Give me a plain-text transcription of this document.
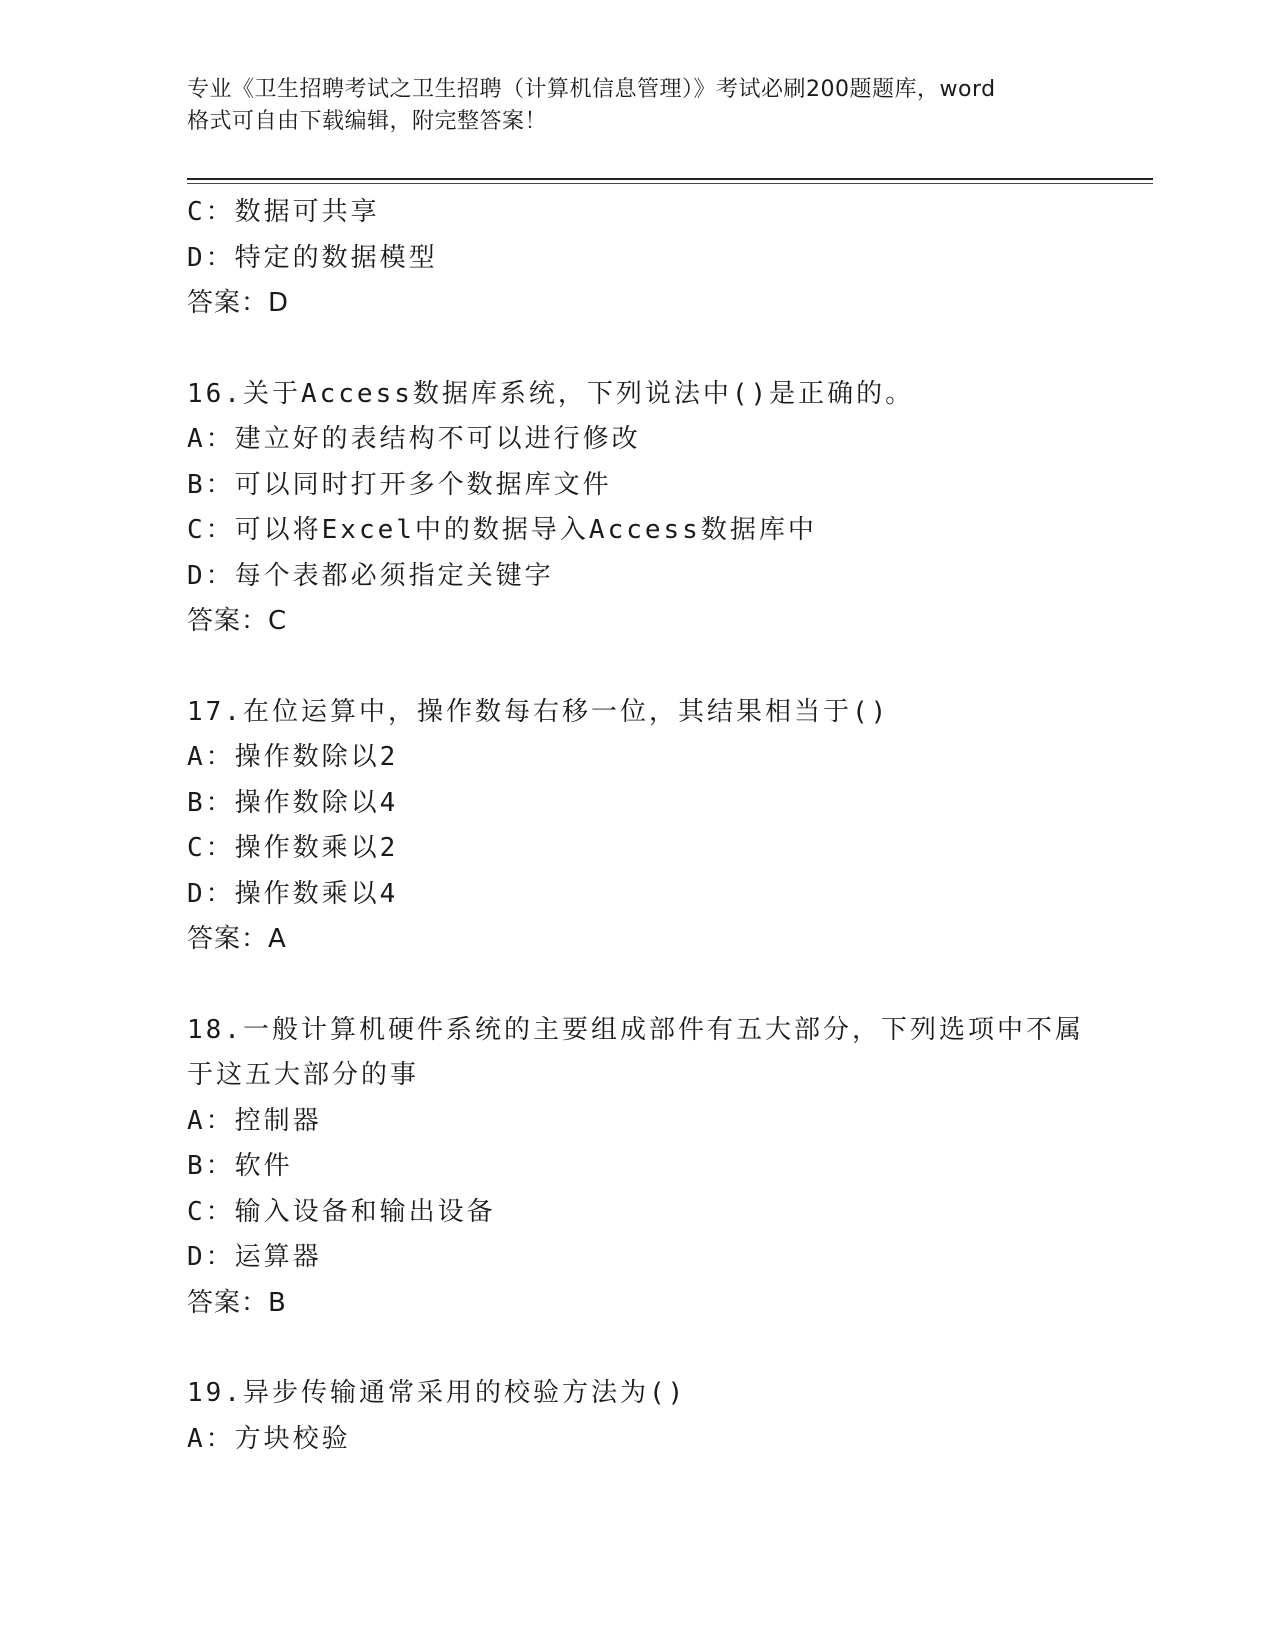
专业《卫生招聘考试之卫生招聘（计算机信息管理）》考试必刷200题题库，word
格式可自由下载编辑，附完整答案！
C：数据可共享
D：特定的数据模型
答案：D
16.关于Access数据库系统，下列说法中()是正确的。
A：建立好的表结构不可以进行修改
B：可以同时打开多个数据库文件
C：可以将Excel中的数据导入Access数据库中
D：每个表都必须指定关键字
答案：C
17.在位运算中，操作数每右移一位，其结果相当于()
A：操作数除以2
B：操作数除以4
C：操作数乘以2
D：操作数乘以4
答案：A
18.一般计算机硬件系统的主要组成部件有五大部分，下列选项中不属
于这五大部分的事
A：控制器
B：软件
C：输入设备和输出设备
D：运算器
答案：B
19.异步传输通常采用的校验方法为()
A：方块校验
